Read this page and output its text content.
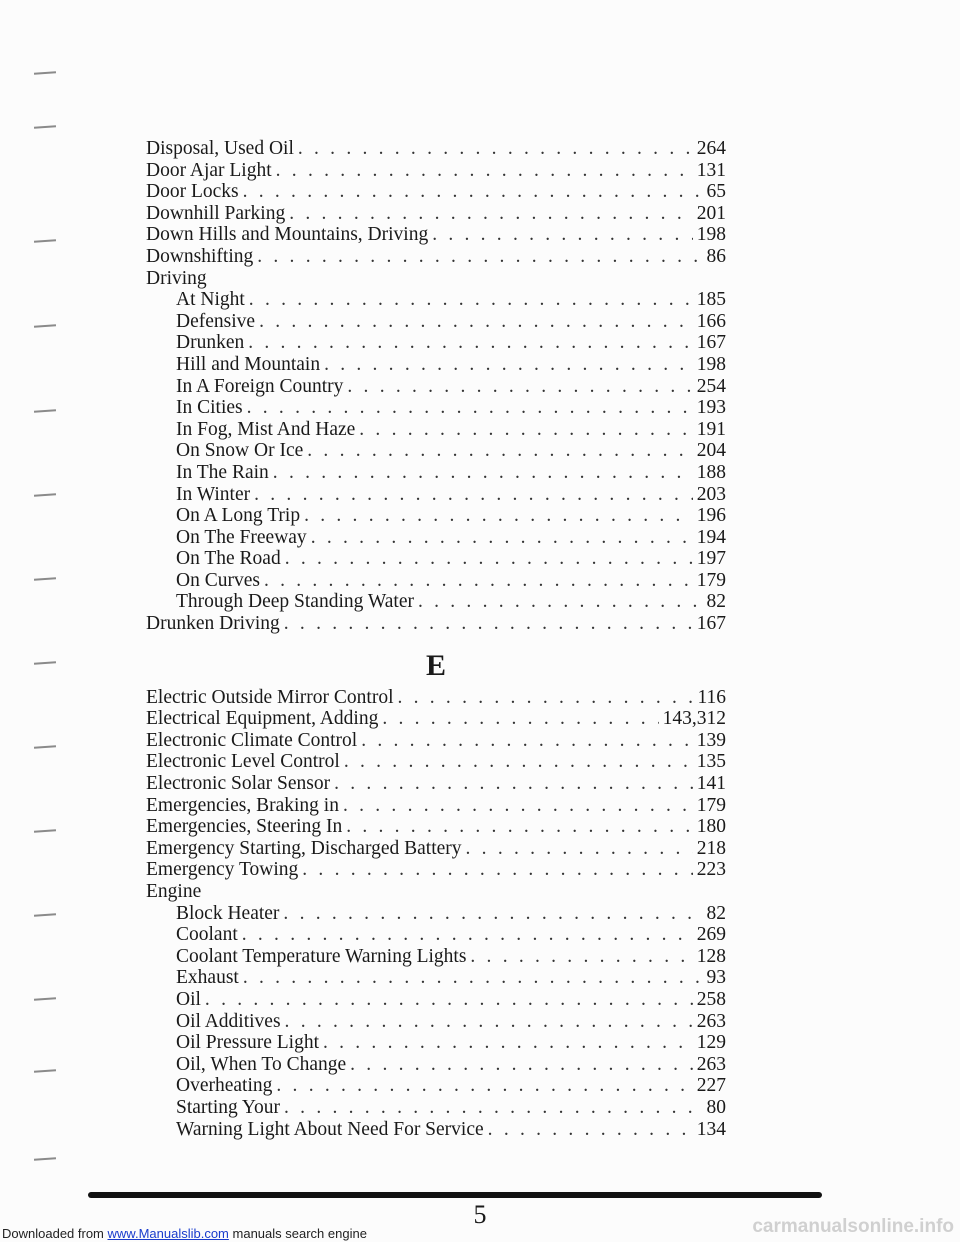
Disposal, Used Oil . . .	264
Door Ajar Light . . .	131
Door Locks . . .	65
Downhill Parking . . .	201
Down Hills and Mountains, Driving . . .	198
Downshifting . . .	86
Driving
At Night . . .	185
Defensive . . .	166
Drunken . . .	167
Hill and Mountain . . .	198
In A Foreign Country . . .	254
In Cities . . .	193
In Fog, Mist And Haze . . .	191
On Snow Or Ice . . .	204
In The Rain . . .	188
In Winter . . .	203
On A Long Trip . . .	196
On The Freeway . . .	194
On The Road . . .	197
On Curves . . .	179
Through Deep Standing Water . . .	82
Drunken Driving . . .	167
E
Electric Outside Mirror Control . . .	116
Electrical Equipment, Adding . . .	143,312
Electronic Climate Control . . .	139
Electronic Level Control . . .	135
Electronic Solar Sensor . . .	141
Emergencies, Braking in . . .	179
Emergencies, Steering In . . .	180
Emergency Starting, Discharged Battery . . .	218
Emergency Towing . . .	223
Engine
Block Heater . . .	82
Coolant . . .	269
Coolant Temperature Warning Lights . . .	128
Exhaust . . .	93
Oil . . .	258
Oil Additives . . .	263
Oil Pressure Light . . .	129
Oil, When To Change . . .	263
Overheating . . .	227
Starting Your . . .	80
Warning Light About Need For Service . . .	134
5
Downloaded from www.Manualslib.com manuals search engine	carmanualsonline.info
